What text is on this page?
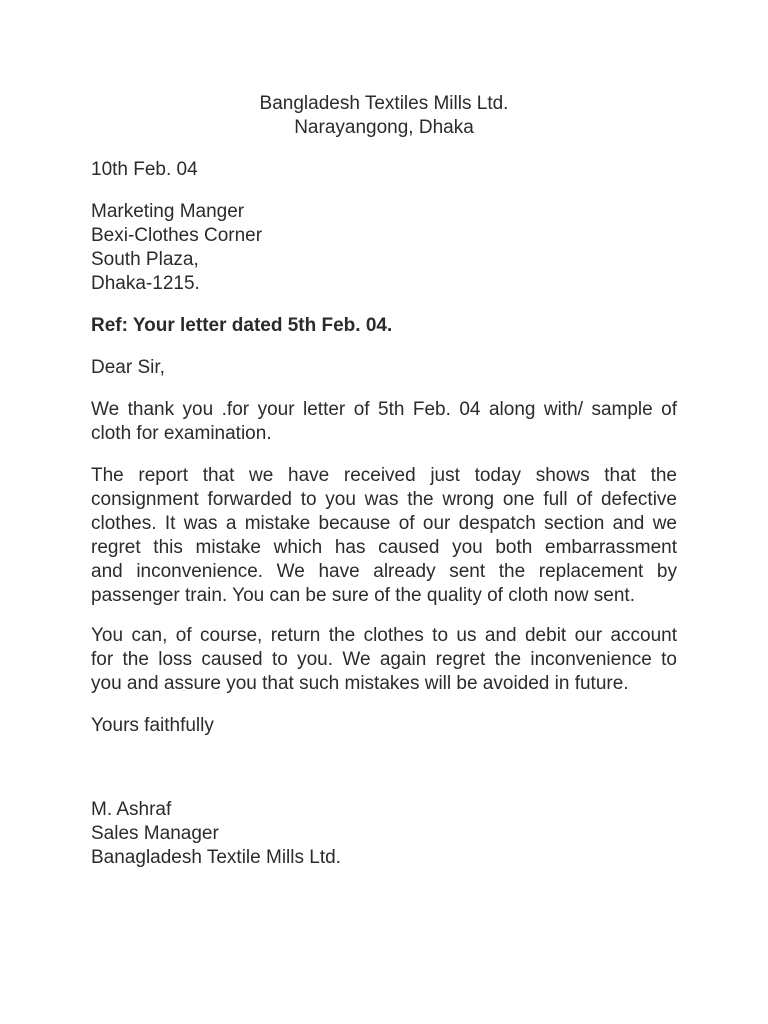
Bangladesh Textiles Mills Ltd.
Narayangong, Dhaka
10th Feb. 04
Marketing Manger
Bexi-Clothes Corner
South Plaza,
Dhaka-1215.
Ref: Your letter dated 5th Feb. 04.
Dear Sir,
We thank you .for your letter of 5th Feb. 04 along with/ sample of
cloth for examination.
The report that we have received just today shows that the
consignment forwarded to you was the wrong one full of defective
clothes. It was a mistake because of our despatch section and we
regret this mistake which has caused you both embarrassment
and inconvenience. We have already sent the replacement by
passenger train. You can be sure of the quality of cloth now sent.
You can, of course, return the clothes to us and debit our account
for the loss caused to you. We again regret the inconvenience to
you and assure you that such mistakes will be avoided in future.
Yours faithfully
M. Ashraf
Sales Manager
Banagladesh Textile Mills Ltd.
